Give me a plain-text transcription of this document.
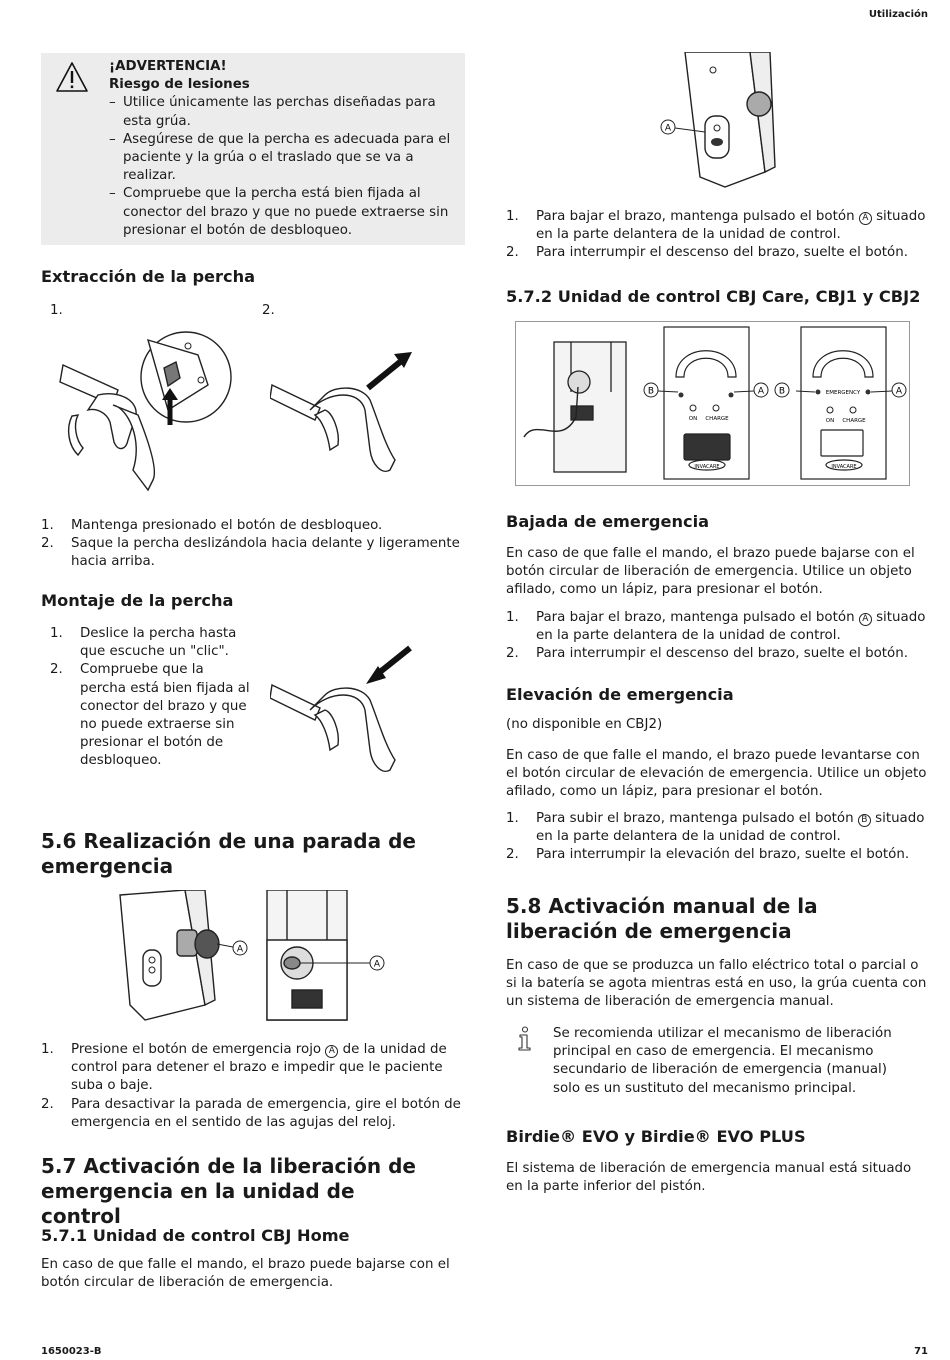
Utilización
¡ADVERTENCIA!
Riesgo de lesiones
– Utilice únicamente las perchas diseñadas para esta grúa.
– Asegúrese de que la percha es adecuada para el paciente y la grúa o el traslado que se va a realizar.
– Compruebe que la percha está bien fijada al conector del brazo y que no puede extraerse sin presionar el botón de desbloqueo.
Extracción de la percha
1.	2.
1. Mantenga presionado el botón de desbloqueo.
2. Saque la percha deslizándola hacia delante y ligeramente hacia arriba.
Montaje de la percha
1. Deslice la percha hasta que escuche un "clic".
2. Compruebe que la percha está bien fijada al conector del brazo y que no puede extraerse sin presionar el botón de desbloqueo.
5.6 Realización de una parada de emergencia
A
A
1. Presione el botón de emergencia rojo A de la unidad de control para detener el brazo e impedir que le paciente suba o baje.
2. Para desactivar la parada de emergencia, gire el botón de emergencia en el sentido de las agujas del reloj.
5.7 Activación de la liberación de emergencia en la unidad de control
5.7.1 Unidad de control CBJ Home

En caso de que falle el mando, el brazo puede bajarse con el botón circular de liberación de emergencia.

A
1. Para bajar el brazo, mantenga pulsado el botón A situado en la parte delantera de la unidad de control.
2. Para interrumpir el descenso del brazo, suelte el botón.
5.7.2 Unidad de control CBJ Care, CBJ1 y CBJ2
ON CHARGE
INVACARE
B	A	EMERGENCY
ON CHARGE
INVACARE
B	A
Bajada de emergencia

En caso de que falle el mando, el brazo puede bajarse con el botón circular de liberación de emergencia. Utilice un objeto afilado, como un lápiz, para presionar el botón.

1. Para bajar el brazo, mantenga pulsado el botón A situado en la parte delantera de la unidad de control.
2. Para interrumpir el descenso del brazo, suelte el botón.
Elevación de emergencia

(no disponible en CBJ2)

En caso de que falle el mando, el brazo puede levantarse con el botón circular de elevación de emergencia. Utilice un objeto afilado, como un lápiz, para presionar el botón.

1. Para subir el brazo, mantenga pulsado el botón B situado en la parte delantera de la unidad de control.
2. Para interrumpir la elevación del brazo, suelte el botón.
5.8 Activación manual de la liberación de emergencia

En caso de que se produzca un fallo eléctrico total o parcial o si la batería se agota mientras está en uso, la grúa cuenta con un sistema de liberación de emergencia manual.

Se recomienda utilizar el mecanismo de liberación principal en caso de emergencia. El mecanismo secundario de liberación de emergencia (manual) solo es un sustituto del mecanismo principal.

Birdie® EVO y Birdie® EVO PLUS

El sistema de liberación de emergencia manual está situado en la parte inferior del pistón.

1650023-B	71
